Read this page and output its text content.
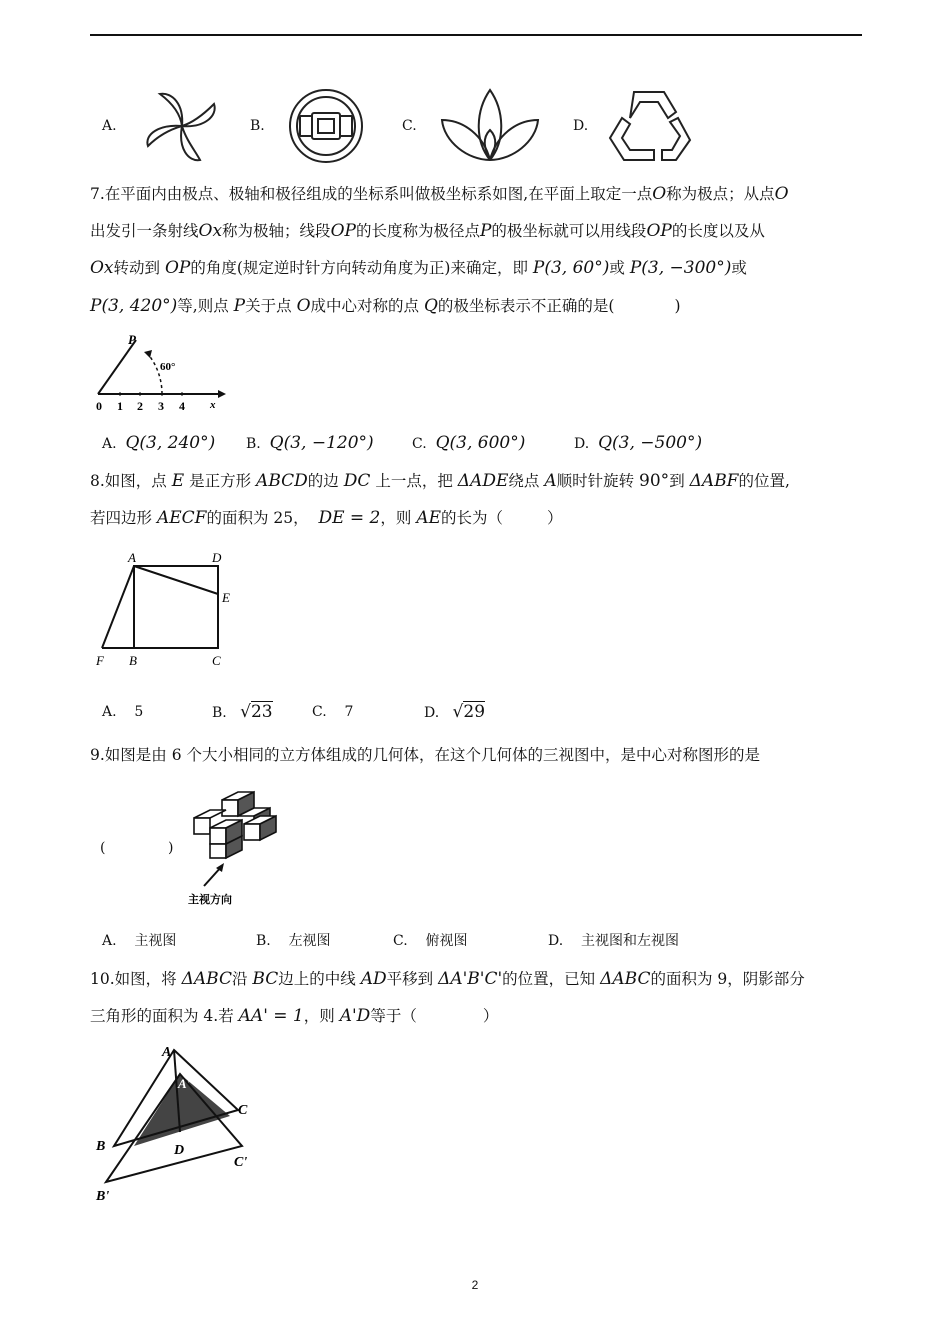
A.	B.	C.	D.
7.在平面内由极点、极轴和极径组成的坐标系叫做极坐标系如图,在平面上取定一点O称为极点；从点O
出发引一条射线Ox称为极轴；线段OP的长度称为极径点P的极坐标就可以用线段OP的长度以及从
Ox转动到 OP的角度(规定逆时针方向转动角度为正)来确定，即 P(3, 60°)或 P(3, −300°)或
P(3, 420°)等,则点 P关于点 O成中心对称的点 Q的极坐标表示不正确的是(	)
P
60°
0 1 2 3 4 x
A. Q(3, 240°) B. Q(3, −120°)	C. Q(3, 600°)	D. Q(3, −500°)
8.如图，点 E 是正方形 ABCD的边 DC 上一点，把 ΔADE绕点 A顺时针旋转 90°到 ΔABF的位置,
若四边形 AECF的面积为 25， DE = 2，则 AE的长为（	）
A	D
E
F B	C
A. 5	B. √23	C. 7	D. √29
9.如图是由 6 个大小相同的立方体组成的几何体，在这个几何体的三视图中，是中心对称图形的是
(	)
主视方向
A. 主视图	B. 左视图	C. 俯视图	D. 主视图和左视图
10.如图，将 ΔABC沿 BC边上的中线 AD平移到 ΔA'B'C'的位置，已知 ΔABC的面积为 9，阴影部分
三角形的面积为 4.若 AA' = 1，则 A'D等于（	）
A
A'
C
B	D
C'
B'
2
